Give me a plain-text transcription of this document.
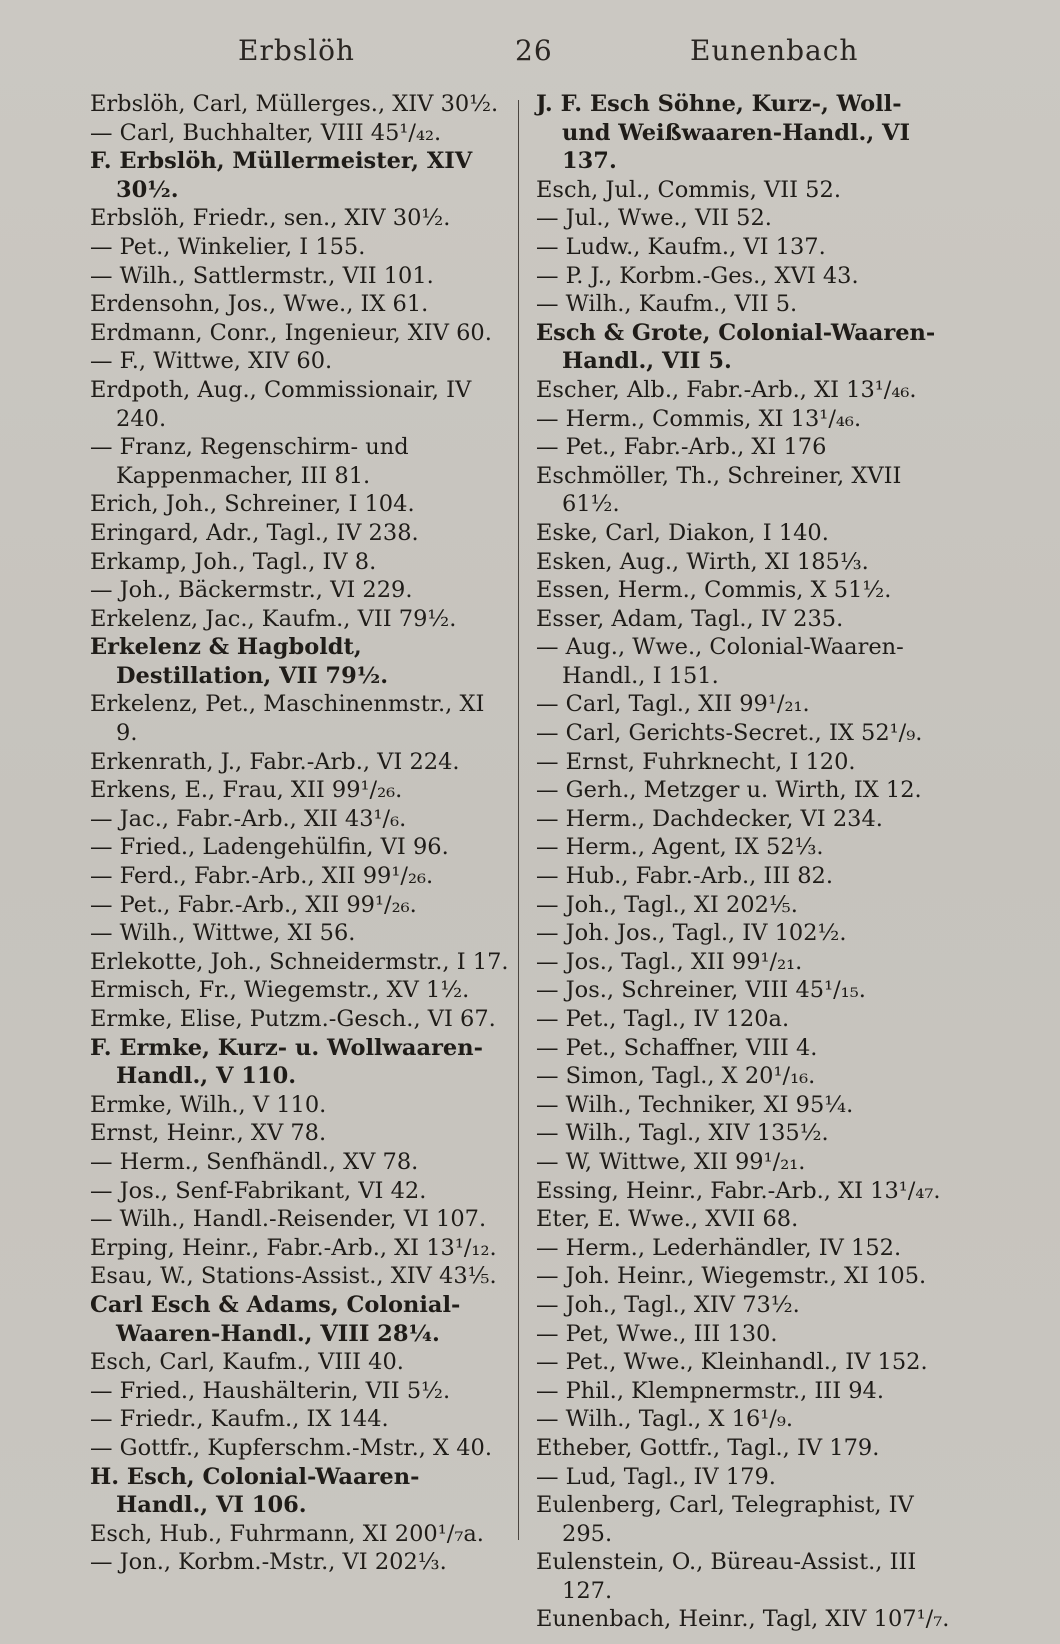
Erbslöh	26	Eunenbach

Erbslöh, Carl, Müllerges., XIV 30½.

— Carl, Buchhalter, VIII 45¹/₄₂.

F. Erbslöh, Müllermeister, XIV 30½.

Erbslöh, Friedr., sen., XIV 30½.

— Pet., Winkelier, I 155.

— Wilh., Sattlermstr., VII 101.

Erdensohn, Jos., Wwe., IX 61.

Erdmann, Conr., Ingenieur, XIV 60.

— F., Wittwe, XIV 60.

Erdpoth, Aug., Commissionair, IV 240.

— Franz, Regenschirm- und Kappenmacher, III 81.

Erich, Joh., Schreiner, I 104.

Eringard, Adr., Tagl., IV 238.

Erkamp, Joh., Tagl., IV 8.

— Joh., Bäckermstr., VI 229.

Erkelenz, Jac., Kaufm., VII 79½.

Erkelenz & Hagboldt, Destillation, VII 79½.

Erkelenz, Pet., Maschinenmstr., XI 9.

Erkenrath, J., Fabr.-Arb., VI 224.

Erkens, E., Frau, XII 99¹/₂₆.

— Jac., Fabr.-Arb., XII 43¹/₆.

— Fried., Ladengehülfin, VI 96.

— Ferd., Fabr.-Arb., XII 99¹/₂₆.

— Pet., Fabr.-Arb., XII 99¹/₂₆.

— Wilh., Wittwe, XI 56.

Erlekotte, Joh., Schneidermstr., I 17.

Ermisch, Fr., Wiegemstr., XV 1½.

Ermke, Elise, Putzm.-Gesch., VI 67.

F. Ermke, Kurz- u. Wollwaaren-Handl., V 110.

Ermke, Wilh., V 110.

Ernst, Heinr., XV 78.

— Herm., Senfhändl., XV 78.

— Jos., Senf-Fabrikant, VI 42.

— Wilh., Handl.-Reisender, VI 107.

Erping, Heinr., Fabr.-Arb., XI 13¹/₁₂.

Esau, W., Stations-Assist., XIV 43⅕.

Carl Esch & Adams, Colonial-Waaren-Handl., VIII 28¼.

Esch, Carl, Kaufm., VIII 40.

— Fried., Haushälterin, VII 5½.

— Friedr., Kaufm., IX 144.

— Gottfr., Kupferschm.-Mstr., X 40.

H. Esch, Colonial-Waaren-Handl., VI 106.

Esch, Hub., Fuhrmann, XI 200¹/₇a.

— Jon., Korbm.-Mstr., VI 202⅓.

J. F. Esch Söhne, Kurz-, Woll- und Weißwaaren-Handl., VI 137.

Esch, Jul., Commis, VII 52.

— Jul., Wwe., VII 52.

— Ludw., Kaufm., VI 137.

— P. J., Korbm.-Ges., XVI 43.

— Wilh., Kaufm., VII 5.

Esch & Grote, Colonial-Waaren-Handl., VII 5.

Escher, Alb., Fabr.-Arb., XI 13¹/₄₆.

— Herm., Commis, XI 13¹/₄₆.

— Pet., Fabr.-Arb., XI 176

Eschmöller, Th., Schreiner, XVII 61½.

Eske, Carl, Diakon, I 140.

Esken, Aug., Wirth, XI 185⅓.

Essen, Herm., Commis, X 51½.

Esser, Adam, Tagl., IV 235.

— Aug., Wwe., Colonial-Waaren-Handl., I 151.

— Carl, Tagl., XII 99¹/₂₁.

— Carl, Gerichts-Secret., IX 52¹/₉.

— Ernst, Fuhrknecht, I 120.

— Gerh., Metzger u. Wirth, IX 12.

— Herm., Dachdecker, VI 234.

— Herm., Agent, IX 52⅓.

— Hub., Fabr.-Arb., III 82.

— Joh., Tagl., XI 202⅕.

— Joh. Jos., Tagl., IV 102½.

— Jos., Tagl., XII 99¹/₂₁.

— Jos., Schreiner, VIII 45¹/₁₅.

— Pet., Tagl., IV 120a.

— Pet., Schaffner, VIII 4.

— Simon, Tagl., X 20¹/₁₆.

— Wilh., Techniker, XI 95¼.

— Wilh., Tagl., XIV 135½.

— W, Wittwe, XII 99¹/₂₁.

Essing, Heinr., Fabr.-Arb., XI 13¹/₄₇.

Eter, E. Wwe., XVII 68.

— Herm., Lederhändler, IV 152.

— Joh. Heinr., Wiegemstr., XI 105.

— Joh., Tagl., XIV 73½.

— Pet, Wwe., III 130.

— Pet., Wwe., Kleinhandl., IV 152.

— Phil., Klempnermstr., III 94.

— Wilh., Tagl., X 16¹/₉.

Etheber, Gottfr., Tagl., IV 179.

— Lud, Tagl., IV 179.

Eulenberg, Carl, Telegraphist, IV 295.

Eulenstein, O., Büreau-Assist., III 127.

Eunenbach, Heinr., Tagl, XIV 107¹/₇.
